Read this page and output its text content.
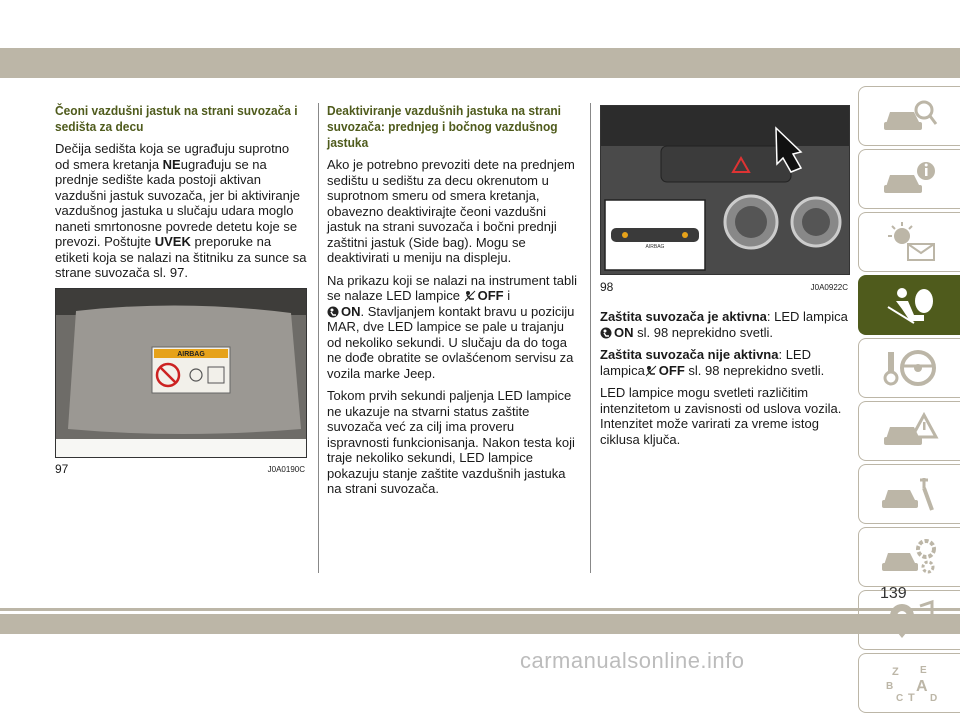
Čeoni vazdušni jastuk na strani suvozača i sedišta za decu

Dečija sedišta koja se ugrađuju suprotno od smera kretanja NEugrađuju se na prednje sedište kada postoji aktivan vazdušni jastuk suvozača, jer bi aktiviranje vazdušnog jastuka u slučaju udara moglo naneti smrtonosne povrede detetu koje se prevozi. Poštujte UVEK preporuke na etiketi koja se nalazi na štitniku za sunce sa strane suvozača sl. 97.

AIRBAG
97	J0A0190C
Deaktiviranje vazdušnih jastuka na strani suvozača: prednjeg i bočnog vazdušnog jastuka

Ako je potrebno prevoziti dete na prednjem sedištu u sedištu za decu okrenutom u suprotnom smeru od smera kretanja, obavezno deaktivirajte čeoni vazdušni jastuk na strani suvozača i bočni prednji zaštitni jastuk (Side bag). Mogu se deaktivirati u meniju na displeju.

Na prikazu koji se nalazi na instrument tabli se nalaze LED lampice OFF i
ON. Stavljanjem kontakt bravu u poziciju MAR, dve LED lampice se pale u trajanju od nekoliko sekundi. U slučaju da do toga ne dođe obratite se ovlašćenom servisu za vozila marke Jeep.

Tokom prvih sekundi paljenja LED lampice ne ukazuje na stvarni status zaštite suvozača već za cilj ima proveru ispravnosti funkcionisanja. Nakon testa koji traje nekoliko sekundi, LED lampice pokazuju stanje zaštite vazdušnih jastuka na strani suvozača.

AIRBAG
98	J0A0922C

Zaštita suvozača je aktivna: LED lampica
ON sl. 98 neprekidno svetli.

Zaštita suvozača nije aktivna: LED lampica OFF sl. 98 neprekidno svetli.

LED lampice mogu svetleti različitim intenzitetom u zavisnosti od uslova vozila. Intenzitet može varirati za vreme istog ciklusa ključa.

Z E
B A
C	D
T
139
carmanualsonline.info
